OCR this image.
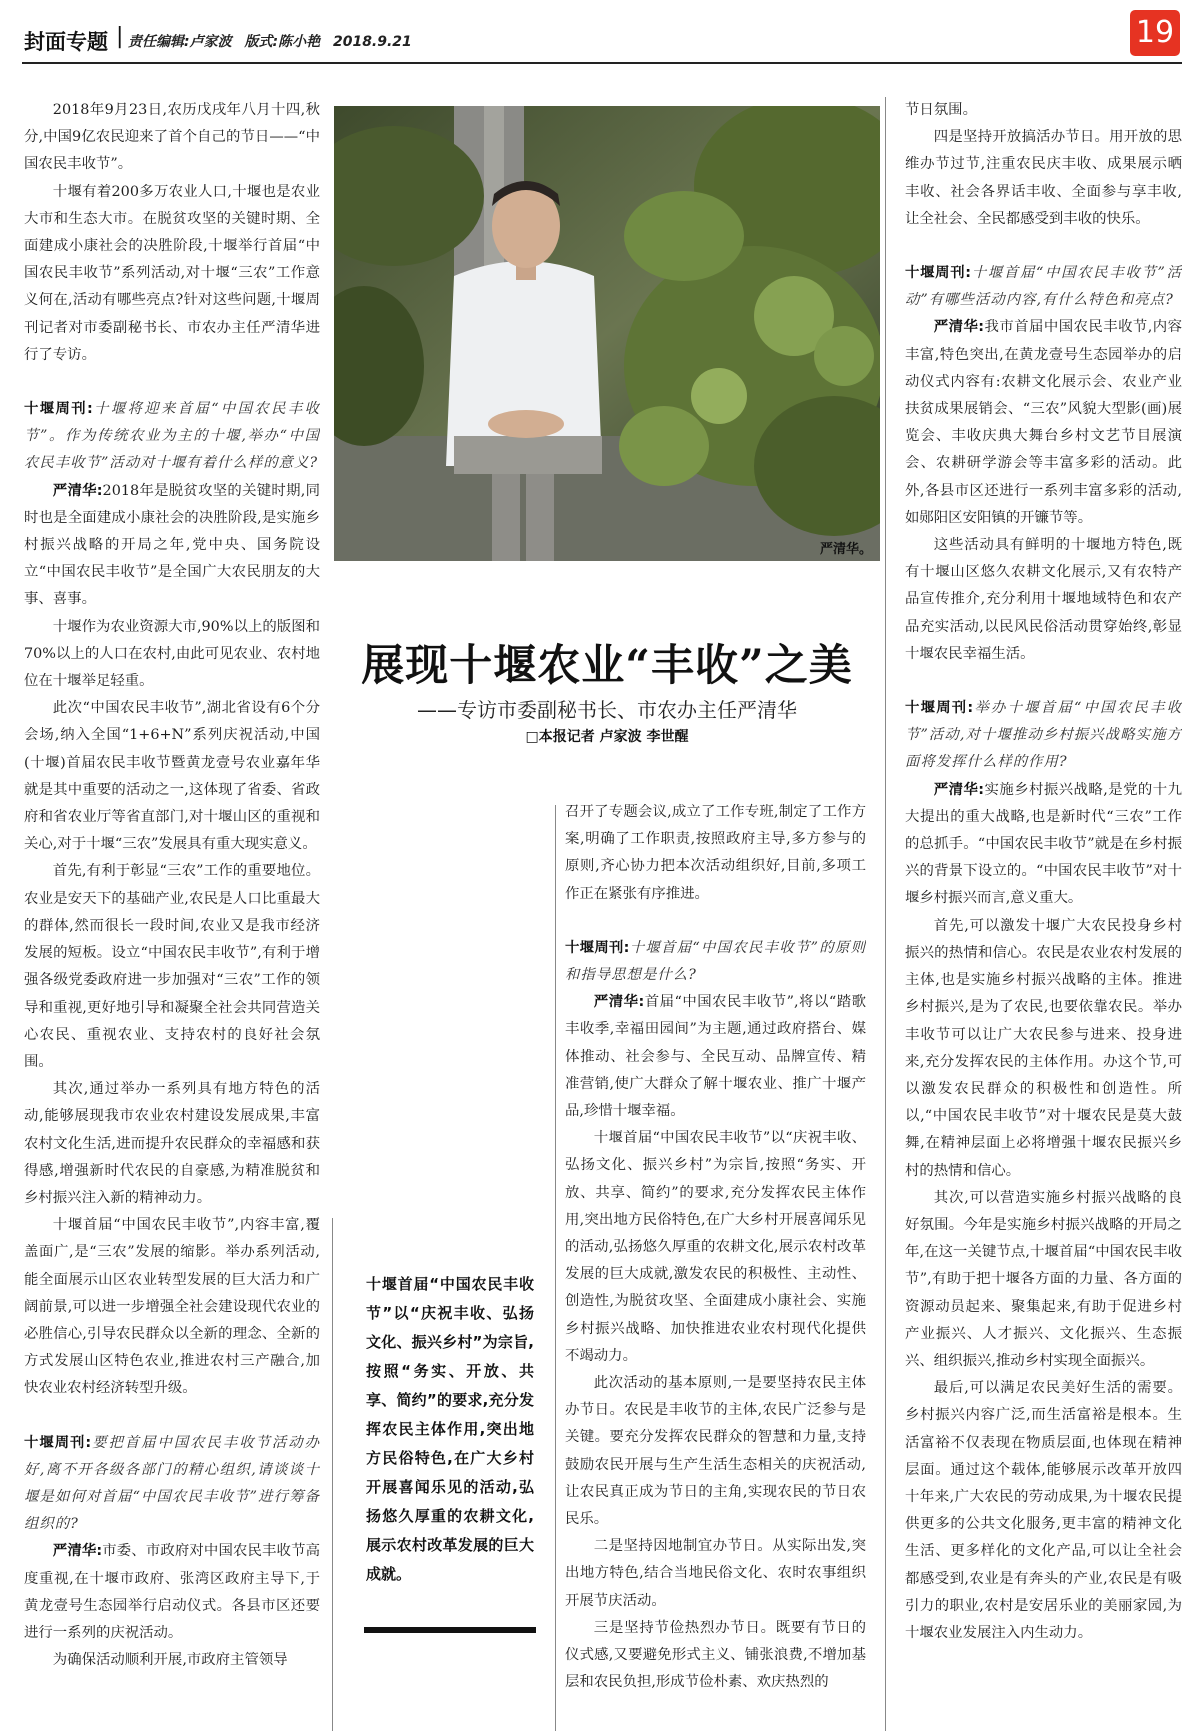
封面专题 | 责任编辑:卢家波 版式:陈小艳 2018.9.21	19

2018年9月23日,农历戊戌年八月十四,秋分,中国9亿农民迎来了首个自己的节日——“中国农民丰收节”。

十堰有着200多万农业人口,十堰也是农业大市和生态大市。在脱贫攻坚的关键时期、全面建成小康社会的决胜阶段,十堰举行首届“中国农民丰收节”系列活动,对十堰“三农”工作意义何在,活动有哪些亮点?针对这些问题,十堰周刊记者对市委副秘书长、市农办主任严清华进行了专访。

十堰周刊:十堰将迎来首届“中国农民丰收节”。作为传统农业为主的十堰,举办“中国农民丰收节”活动对十堰有着什么样的意义?

严清华:2018年是脱贫攻坚的关键时期,同时也是全面建成小康社会的决胜阶段,是实施乡村振兴战略的开局之年,党中央、国务院设立“中国农民丰收节”是全国广大农民朋友的大事、喜事。

十堰作为农业资源大市,90%以上的版图和70%以上的人口在农村,由此可见农业、农村地位在十堰举足轻重。

此次“中国农民丰收节”,湖北省设有6个分会场,纳入全国“1+6+N”系列庆祝活动,中国(十堰)首届农民丰收节暨黄龙壹号农业嘉年华就是其中重要的活动之一,这体现了省委、省政府和省农业厅等省直部门,对十堰山区的重视和关心,对于十堰“三农”发展具有重大现实意义。

首先,有利于彰显“三农”工作的重要地位。农业是安天下的基础产业,农民是人口比重最大的群体,然而很长一段时间,农业又是我市经济发展的短板。设立“中国农民丰收节”,有利于增强各级党委政府进一步加强对“三农”工作的领导和重视,更好地引导和凝聚全社会共同营造关心农民、重视农业、支持农村的良好社会氛围。

其次,通过举办一系列具有地方特色的活动,能够展现我市农业农村建设发展成果,丰富农村文化生活,进而提升农民群众的幸福感和获得感,增强新时代农民的自豪感,为精准脱贫和乡村振兴注入新的精神动力。

十堰首届“中国农民丰收节”,内容丰富,覆盖面广,是“三农”发展的缩影。举办系列活动,能全面展示山区农业转型发展的巨大活力和广阔前景,可以进一步增强全社会建设现代农业的必胜信心,引导农民群众以全新的理念、全新的方式发展山区特色农业,推进农村三产融合,加快农业农村经济转型升级。

十堰周刊:要把首届中国农民丰收节活动办好,离不开各级各部门的精心组织,请谈谈十堰是如何对首届“中国农民丰收节”进行筹备组织的?

严清华:市委、市政府对中国农民丰收节高度重视,在十堰市政府、张湾区政府主导下,于黄龙壹号生态园举行启动仪式。各县市区还要进行一系列的庆祝活动。

为确保活动顺利开展,市政府主管领导

严清华。
展现十堰农业“丰收”之美
——专访市委副秘书长、市农办主任严清华
□本报记者 卢家波 李世醒
十堰首届“中国农民丰收节”以“庆祝丰收、弘扬文化、振兴乡村”为宗旨,按照“务实、开放、共享、简约”的要求,充分发挥农民主体作用,突出地方民俗特色,在广大乡村开展喜闻乐见的活动,弘扬悠久厚重的农耕文化,展示农村改革发展的巨大成就。

召开了专题会议,成立了工作专班,制定了工作方案,明确了工作职责,按照政府主导,多方参与的原则,齐心协力把本次活动组织好,目前,多项工作正在紧张有序推进。

十堰周刊:十堰首届“中国农民丰收节”的原则和指导思想是什么?

严清华:首届“中国农民丰收节”,将以“踏歌丰收季,幸福田园间”为主题,通过政府搭台、媒体推动、社会参与、全民互动、品牌宣传、精准营销,使广大群众了解十堰农业、推广十堰产品,珍惜十堰幸福。

十堰首届“中国农民丰收节”以“庆祝丰收、弘扬文化、振兴乡村”为宗旨,按照“务实、开放、共享、简约”的要求,充分发挥农民主体作用,突出地方民俗特色,在广大乡村开展喜闻乐见的活动,弘扬悠久厚重的农耕文化,展示农村改革发展的巨大成就,激发农民的积极性、主动性、创造性,为脱贫攻坚、全面建成小康社会、实施乡村振兴战略、加快推进农业农村现代化提供不竭动力。

此次活动的基本原则,一是要坚持农民主体办节日。农民是丰收节的主体,农民广泛参与是关键。要充分发挥农民群众的智慧和力量,支持鼓励农民开展与生产生活生态相关的庆祝活动,让农民真正成为节日的主角,实现农民的节日农民乐。

二是坚持因地制宜办节日。从实际出发,突出地方特色,结合当地民俗文化、农时农事组织开展节庆活动。

三是坚持节俭热烈办节日。既要有节日的仪式感,又要避免形式主义、铺张浪费,不增加基层和农民负担,形成节俭朴素、欢庆热烈的

节日氛围。

四是坚持开放搞活办节日。用开放的思维办节过节,注重农民庆丰收、成果展示晒丰收、社会各界话丰收、全面参与享丰收,让全社会、全民都感受到丰收的快乐。

十堰周刊:十堰首届“中国农民丰收节”活动”有哪些活动内容,有什么特色和亮点?

严清华:我市首届中国农民丰收节,内容丰富,特色突出,在黄龙壹号生态园举办的启动仪式内容有:农耕文化展示会、农业产业扶贫成果展销会、“三农”风貌大型影(画)展览会、丰收庆典大舞台乡村文艺节目展演会、农耕研学游会等丰富多彩的活动。此外,各县市区还进行一系列丰富多彩的活动,如郧阳区安阳镇的开镰节等。

这些活动具有鲜明的十堰地方特色,既有十堰山区悠久农耕文化展示,又有农特产品宣传推介,充分利用十堰地域特色和农产品充实活动,以民风民俗活动贯穿始终,彰显十堰农民幸福生活。

十堰周刊:举办十堰首届“中国农民丰收节”活动,对十堰推动乡村振兴战略实施方面将发挥什么样的作用?

严清华:实施乡村振兴战略,是党的十九大提出的重大战略,也是新时代“三农”工作的总抓手。“中国农民丰收节”就是在乡村振兴的背景下设立的。“中国农民丰收节”对十堰乡村振兴而言,意义重大。

首先,可以激发十堰广大农民投身乡村振兴的热情和信心。农民是农业农村发展的主体,也是实施乡村振兴战略的主体。推进乡村振兴,是为了农民,也要依靠农民。举办丰收节可以让广大农民参与进来、投身进来,充分发挥农民的主体作用。办这个节,可以激发农民群众的积极性和创造性。所以,“中国农民丰收节”对十堰农民是莫大鼓舞,在精神层面上必将增强十堰农民振兴乡村的热情和信心。

其次,可以营造实施乡村振兴战略的良好氛围。今年是实施乡村振兴战略的开局之年,在这一关键节点,十堰首届“中国农民丰收节”,有助于把十堰各方面的力量、各方面的资源动员起来、聚集起来,有助于促进乡村产业振兴、人才振兴、文化振兴、生态振兴、组织振兴,推动乡村实现全面振兴。

最后,可以满足农民美好生活的需要。乡村振兴内容广泛,而生活富裕是根本。生活富裕不仅表现在物质层面,也体现在精神层面。通过这个载体,能够展示改革开放四十年来,广大农民的劳动成果,为十堰农民提供更多的公共文化服务,更丰富的精神文化生活、更多样化的文化产品,可以让全社会都感受到,农业是有奔头的产业,农民是有吸引力的职业,农村是安居乐业的美丽家园,为十堰农业发展注入内生动力。
